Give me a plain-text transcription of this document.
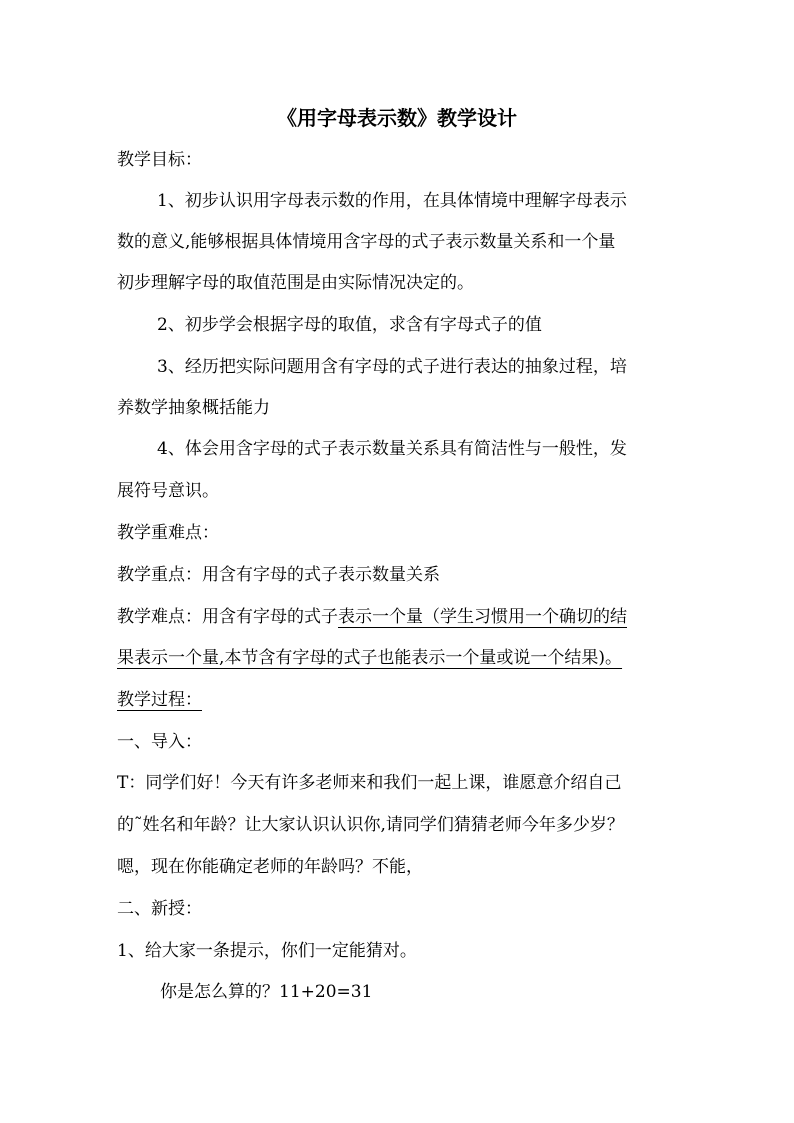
《用字母表示数》教学设计
教学目标：
1、初步认识用字母表示数的作用，在具体情境中理解字母表示
数的意义,能够根据具体情境用含字母的式子表示数量关系和一个量
初步理解字母的取值范围是由实际情况决定的。
2、初步学会根据字母的取值，求含有字母式子的值
3、经历把实际问题用含有字母的式子进行表达的抽象过程，培
养数学抽象概括能力
4、体会用含字母的式子表示数量关系具有简洁性与一般性，发
展符号意识。
教学重难点：
教学重点：用含有字母的式子表示数量关系
教学难点：用含有字母的式子表示一个量（学生习惯用一个确切的结
果表示一个量,本节含有字母的式子也能表示一个量或说一个结果)。
教学过程：
一、导入：
T：同学们好！今天有许多老师来和我们一起上课，谁愿意介绍自己
的˜姓名和年龄？让大家认识认识你,请同学们猜猜老师今年多少岁？
嗯，现在你能确定老师的年龄吗？不能，
二、新授：
1、给大家一条提示，你们一定能猜对。
你是怎么算的？11+20=31
